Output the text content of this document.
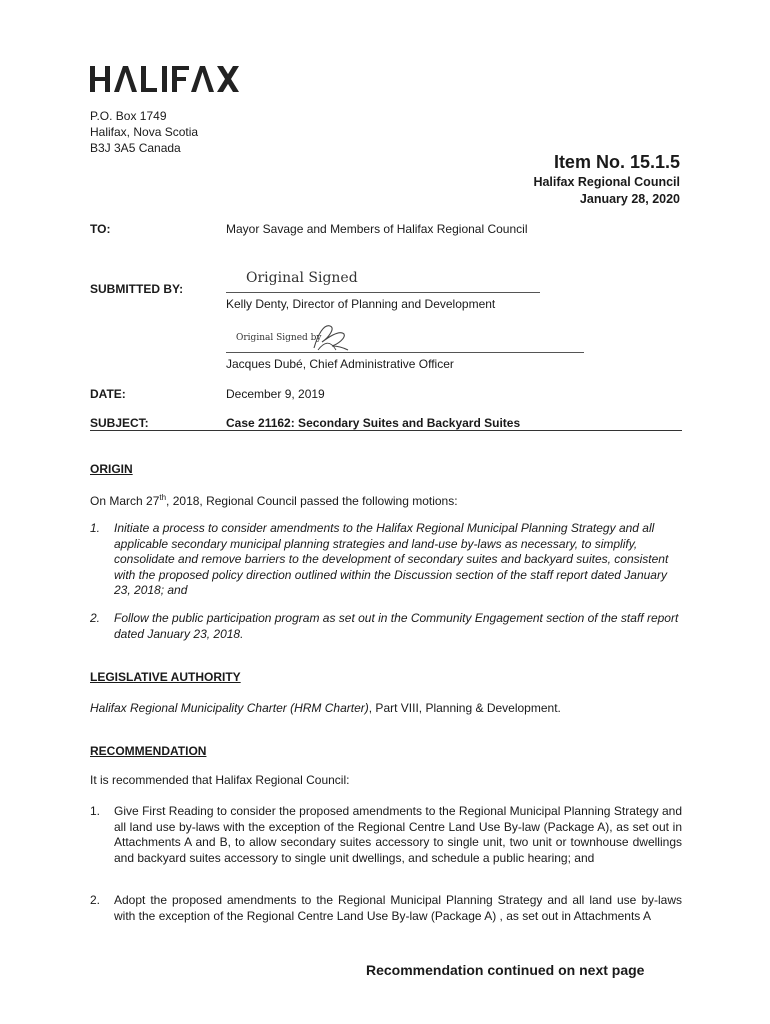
P.O. Box 1749
Halifax, Nova Scotia
B3J 3A5 Canada
Item No. 15.1.5
Halifax Regional Council
January 28, 2020
TO:	Mayor Savage and Members of Halifax Regional Council
SUBMITTED BY:
Original Signed
Kelly Denty, Director of Planning and Development
Original Signed by
Jacques Dubé, Chief Administrative Officer
DATE:	December 9, 2019
SUBJECT:	Case 21162: Secondary Suites and Backyard Suites
ORIGIN
On March 27th, 2018, Regional Council passed the following motions:
1. Initiate a process to consider amendments to the Halifax Regional Municipal Planning Strategy and all applicable secondary municipal planning strategies and land-use by-laws as necessary, to simplify, consolidate and remove barriers to the development of secondary suites and backyard suites, consistent with the proposed policy direction outlined within the Discussion section of the staff report dated January 23, 2018; and
2. Follow the public participation program as set out in the Community Engagement section of the staff report dated January 23, 2018.
LEGISLATIVE AUTHORITY
Halifax Regional Municipality Charter (HRM Charter), Part VIII, Planning & Development.
RECOMMENDATION
It is recommended that Halifax Regional Council:
1. Give First Reading to consider the proposed amendments to the Regional Municipal Planning Strategy and all land use by-laws with the exception of the Regional Centre Land Use By-law (Package A), as set out in Attachments A and B, to allow secondary suites accessory to single unit, two unit or townhouse dwellings and backyard suites accessory to single unit dwellings, and schedule a public hearing; and
2. Adopt the proposed amendments to the Regional Municipal Planning Strategy and all land use by-laws with the exception of the Regional Centre Land Use By-law (Package A) , as set out in Attachments A
Recommendation continued on next page
